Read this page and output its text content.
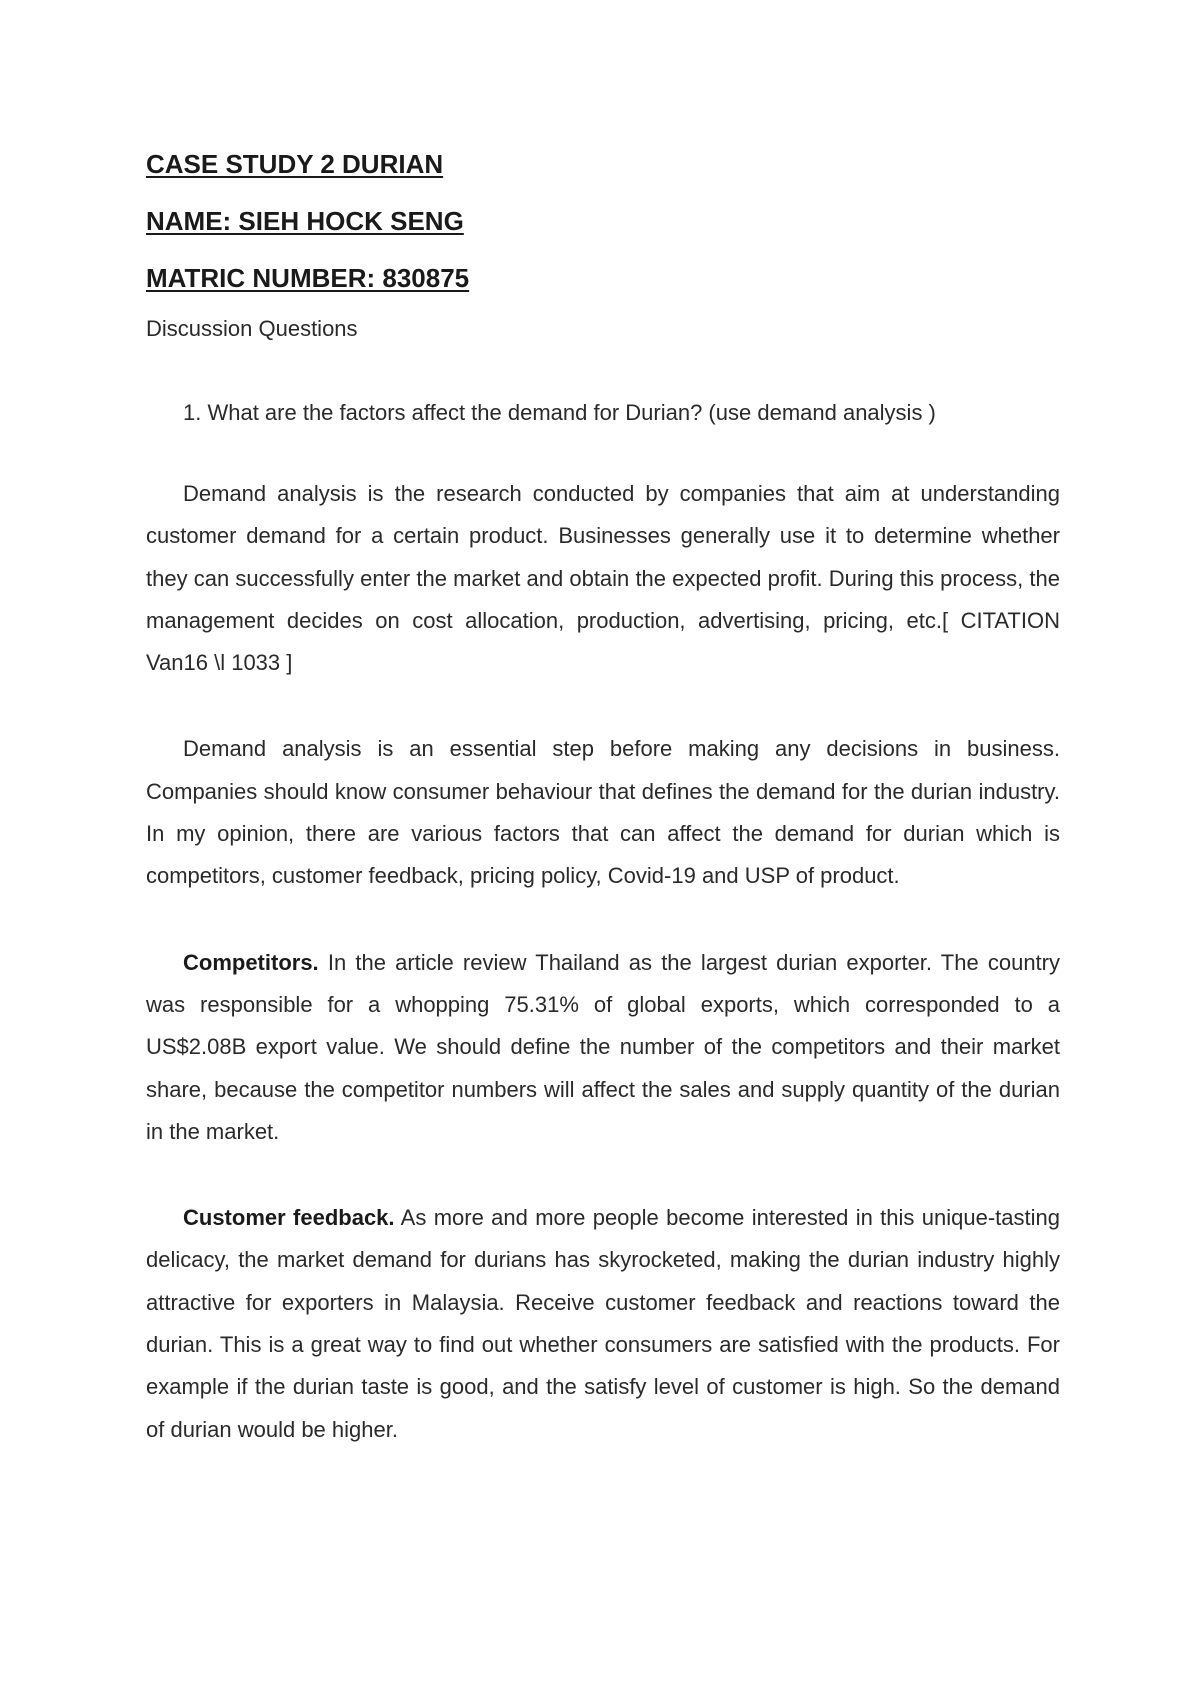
CASE STUDY 2 DURIAN

NAME: SIEH HOCK SENG

MATRIC NUMBER: 830875

Discussion Questions

1. What are the factors affect the demand for Durian? (use demand analysis )

Demand analysis is the research conducted by companies that aim at understanding customer demand for a certain product. Businesses generally use it to determine whether they can successfully enter the market and obtain the expected profit. During this process, the management decides on cost allocation, production, advertising, pricing, etc.[ CITATION Van16 \l 1033 ]

Demand analysis is an essential step before making any decisions in business. Companies should know consumer behaviour that defines the demand for the durian industry. In my opinion, there are various factors that can affect the demand for durian which is competitors, customer feedback, pricing policy, Covid-19 and USP of product.

Competitors. In the article review Thailand as the largest durian exporter. The country was responsible for a whopping 75.31% of global exports, which corresponded to a US$2.08B export value. We should define the number of the competitors and their market share, because the competitor numbers will affect the sales and supply quantity of the durian in the market.

Customer feedback. As more and more people become interested in this unique-tasting delicacy, the market demand for durians has skyrocketed, making the durian industry highly attractive for exporters in Malaysia. Receive customer feedback and reactions toward the durian. This is a great way to find out whether consumers are satisfied with the products. For example if the durian taste is good, and the satisfy level of customer is high. So the demand of durian would be higher.
